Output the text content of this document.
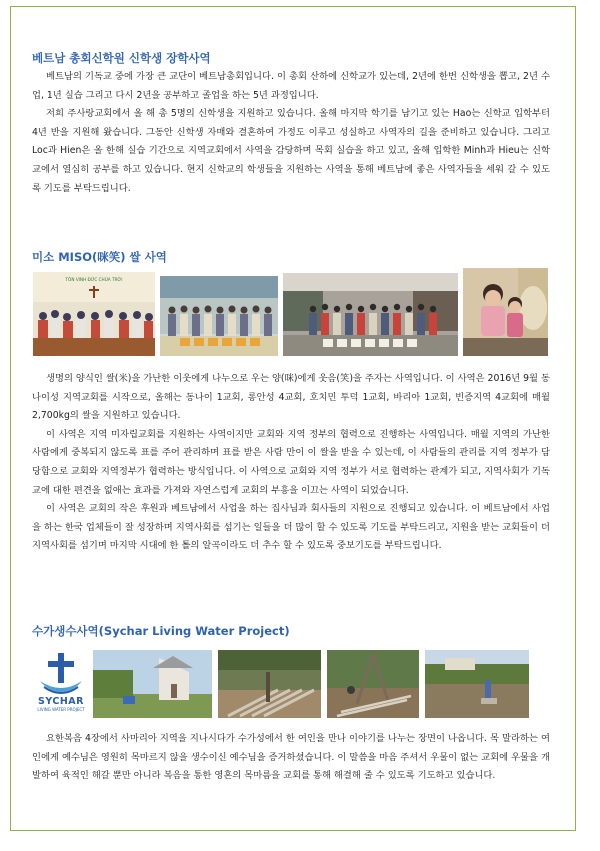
베트남 총회신학원 신학생 장학사역

베트남의 기독교 중에 가장 큰 교단이 베트남총회입니다. 이 총회 산하에 신학교가 있는데, 2년에 한번 신학생을 뽑고, 2년 수업, 1년 실습 그리고 다시 2년을 공부하고 졸업을 하는 5년 과정입니다.

저희 주사랑교회에서 올 해 총 5명의 신학생을 지원하고 있습니다. 올해 마지막 학기를 남기고 있는 Hao는 신학교 입학부터 4년 반을 지원해 왔습니다. 그동안 신학생 자매와 결혼하여 가정도 이루고 성실하고 사역자의 길을 준비하고 있습니다. 그리고 Loc과 Hien은 올 한해 실습 기간으로 지역교회에서 사역을 감당하며 목회 실습을 하고 있고, 올해 입학한 Minh과 Hieu는 신학교에서 열심히 공부를 하고 있습니다. 현지 신학교의 학생들을 지원하는 사역을 통해 베트남에 좋은 사역자들을 세워 갈 수 있도록 기도를 부탁드립니다.

미소 MISO(咪笑) 쌀 사역
TÔN VINH ĐỨC CHÚA TRỜI

생명의 양식인 쌀(米)을 가난한 이웃에게 나누으로 우는 양(咪)에게 웃음(笑)을 주자는 사역입니다. 이 사역은 2016년 9월 동나이성 지역교회를 시작으로, 올해는 동나이 1교회, 롱안성 4교회, 호치민 투덕 1교회, 바리아 1교회, 빈증지역 4교회에 매월 2,700kg의 쌀을 지원하고 있습니다.

이 사역은 지역 미자립교회를 지원하는 사역이지만 교회와 지역 정부의 협력으로 진행하는 사역입니다. 매월 지역의 가난한 사람에게 중복되지 않도록 표를 주어 관리하며 표를 받은 사람 만이 이 쌀을 받을 수 있는데, 이 사람들의 관리를 지역 정부가 담당함으로 교회와 지역정부가 협력하는 방식입니다. 이 사역으로 교회와 지역 정부가 서로 협력하는 관계가 되고, 지역사회가 기독교에 대한 편견을 없애는 효과를 가져와 자연스럽게 교회의 부흥을 이끄는 사역이 되었습니다.

이 사역은 교회의 작은 후원과 베트남에서 사업을 하는 집사님과 회사들의 지원으로 진행되고 있습니다. 이 베트남에서 사업을 하는 한국 업체들이 잘 성장하며 지역사회를 섬기는 일들을 더 많이 할 수 있도록 기도를 부탁드리고, 지원을 받는 교회들이 더 지역사회를 섬기며 마지막 시대에 한 톨의 알곡이라도 더 추수 할 수 있도록 중보기도를 부탁드립니다.

수가생수사역(Sychar Living Water Project)
SYCHAR
LIVING WATER PROJECT

요한복음 4장에서 사마리아 지역을 지나시다가 수가성에서 한 여인을 만나 이야기를 나누는 장면이 나옵니다. 목 말라하는 여인에게 예수님은 영원히 목마르지 않을 생수이신 예수님을 증거하셨습니다. 이 말씀을 마음 주셔서 우물이 없는 교회에 우물을 개발하여 육적인 해갈 뿐만 아니라 복음을 통한 영혼의 목마름을 교회를 통해 해결해 줄 수 있도록 기도하고 있습니다.
